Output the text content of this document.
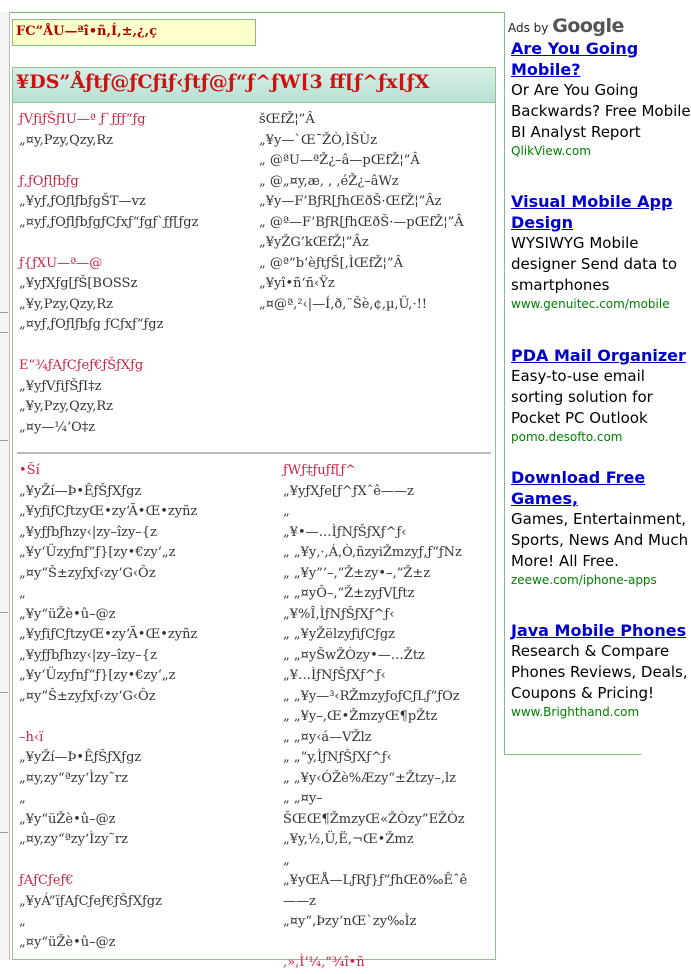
FC”ÅU—ªî•ñ,Í,±,¿,ç
¥DS”Åƒtƒ@ƒCƒiƒ‹ƒtƒ@ƒ“ƒ^ƒW[3 ff[ƒ^ƒx[ƒX
ƒVƒiƒŠƒIU—ª ƒ`ƒƒƒ“ƒg
„¤y,Pzy,Qzy,Rz
ƒ,ƒOƒlƒbƒg
„¥yƒ,ƒOƒlƒbƒgŠT—vz
„¤yƒ,ƒOƒlƒbƒgƒCƒxƒ“ƒgƒ`ƒƒ[ƒgz
ƒ{ƒXU—ª—@
„¥yƒXƒg[ƒŠ[BOSSz
„¥y,Pzy,Qzy,Rz
„¤yƒ,ƒOƒlƒbƒg ƒCƒxƒ“ƒgz
E“¾ƒAƒCƒeƒ€ƒŠƒXƒg
„¥yƒVƒiƒŠƒI‡z
„¥y,Pzy,Qzy,Rz
„¤y—¼‘O‡z
šŒfŽ¦”Â
„¥y—`Œ¯ŽÒ,ÌŠÙz
„ @ªU—ªŽ¿–â—pŒfŽ¦”Â
„ @„¤y,æ, , ,éŽ¿–âWz
„¥y—F’BƒR[ƒhŒðŠ·ŒfŽ¦”Âz
„ @ª—F’BƒR[ƒhŒðŠ·—pŒfŽ¦”Â
„¥yŽG’kŒfŽ¦”Âz
„ @ª“b‘èƒtƒŠ[,ÌŒfŽ¦”Â
„¥yî•ñ‘ñ‹Ÿz
„¤@ª,²‹|—Í,ð,¨Šè,¢,µ,Ü,·!!
•Ší
„¥yŽí—Þ•ÊƒŠƒXƒgz
„¥yƒiƒCƒtzyŒ•zy‘Ã•Œ•zyñz
„¥yƒƒbƒhzy‹|zy–îzy–{z
„¥y‘Üzyƒnƒ“ƒ}[zy•€zy‘„z
„¤y“Š±zyƒxƒ‹zy‘G‹Ôz
„
„¥y“üŽè•û–@z
„¥yƒiƒCƒtzyŒ•zy‘Ã•Œ•zyñz
„¥yƒƒbƒhzy‹|zy–îzy–{z
„¥y‘Üzyƒnƒ“ƒ}[zy•€zy‘„z
„¤y“Š±zyƒxƒ‹zy‘G‹Ôz
–h‹ï
„¥yŽí—Þ•ÊƒŠƒXƒgz
„¤y,zy“ªzy‘Ìzy˜rz
„
„¥y“üŽè•û–@z
„¤y,zy“ªzy‘Ìzy˜rz
ƒAƒCƒeƒ€
„¥yÁ”ïƒAƒCƒeƒ€ƒŠƒXƒgz
„
„¤y“üŽè•û–@z
ƒWƒ‡ƒuƒf[ƒ^
„¥yƒXƒe[ƒ^ƒXˆê——z
„
„¥•—…ÌƒNƒŠƒXƒ^ƒ‹
„ „¥y‚·,Á,Ò,ñzyiŽmzyƒ,ƒ“ƒNz
„ „¥y”’–‚“Ž±zy•–‚“Ž±z
„ „¤yÔ–‚“Ž±zyƒV[ƒtz
„¥%Î‚ÌƒNƒŠƒXƒ^ƒ‹
„ „¥yŽëlzyƒiƒCƒgz
„ „¤yŠwŽÒzy•—…Žtz
„¥…ÌƒNƒŠƒXƒ^ƒ‹
„ „¥y—³‹RŽmzyƒoƒCƒLƒ“ƒOz
„ „¥y–‚Œ•ŽmzyŒ¶pŽtz
„ „¤y‹á—VŽlz
„ „“y,ÌƒNƒŠƒXƒ^ƒ‹
„ „¥y‹ÓŽè%Æzy“±Žtzy–‚lz
„ „¤y–
ŠŒŒ¶ŽmzyŒ«ŽÒzy”EŽÒz
„¥y,½,Ü,Ë,¬Œ•Žmz
„
„¥yŒÅ—LƒRƒ}ƒ“ƒhŒð‰Êˆê
——z
„¤y“‚Þzy‘nŒ`zy‰Ìz
,»,Ì‘¼,“¾î•ñ
Ads by Google
Are You Going Mobile?
Or Are You Going Backwards? Free Mobile BI Analyst Report
QlikView.com
Visual Mobile App Design
WYSIWYG Mobile designer Send data to smartphones
www.genuitec.com/mobile
PDA Mail Organizer
Easy-to-use email sorting solution for Pocket PC Outlook
pomo.desofto.com
Download Free Games,
Games, Entertainment, Sports, News And Much More! All Free.
zeewe.com/iphone-apps
Java Mobile Phones
Research & Compare Phones Reviews, Deals, Coupons & Pricing!
www.Brighthand.com
